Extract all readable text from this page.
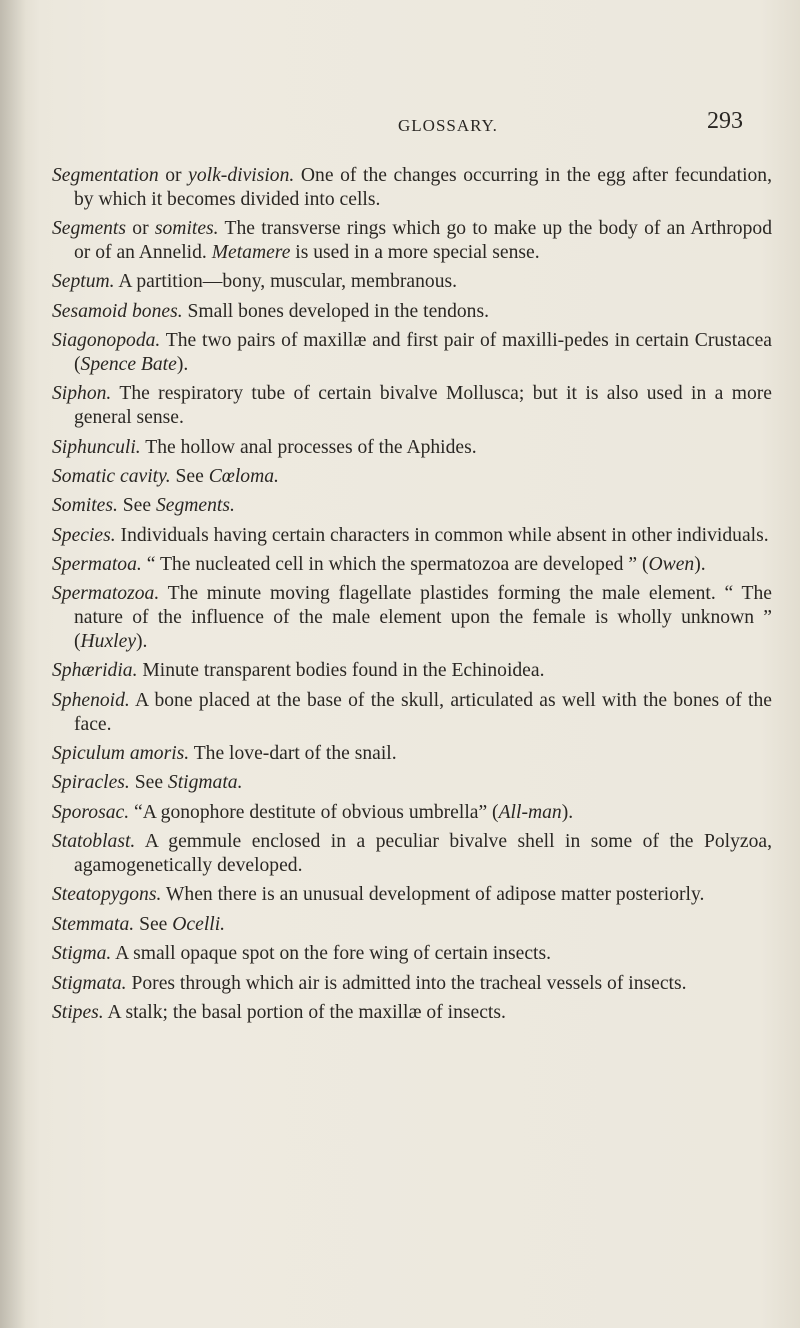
GLOSSARY.	293

Segmentation or yolk-division. One of the changes occurring in the egg after fecundation, by which it becomes divided into cells.

Segments or somites. The transverse rings which go to make up the body of an Arthropod or of an Annelid. Metamere is used in a more special sense.

Septum. A partition—bony, muscular, membranous.

Sesamoid bones. Small bones developed in the tendons.

Siagonopoda. The two pairs of maxillæ and first pair of maxilli-pedes in certain Crustacea (Spence Bate).

Siphon. The respiratory tube of certain bivalve Mollusca; but it is also used in a more general sense.

Siphunculi. The hollow anal processes of the Aphides.

Somatic cavity. See Cœloma.

Somites. See Segments.

Species. Individuals having certain characters in common while absent in other individuals.

Spermatoa. “ The nucleated cell in which the spermatozoa are developed ” (Owen).

Spermatozoa. The minute moving flagellate plastides forming the male element. “ The nature of the influence of the male element upon the female is wholly unknown ” (Huxley).

Sphæridia. Minute transparent bodies found in the Echinoidea.

Sphenoid. A bone placed at the base of the skull, articulated as well with the bones of the face.

Spiculum amoris. The love-dart of the snail.

Spiracles. See Stigmata.

Sporosac. “A gonophore destitute of obvious umbrella” (All-man).

Statoblast. A gemmule enclosed in a peculiar bivalve shell in some of the Polyzoa, agamogenetically developed.

Steatopygons. When there is an unusual development of adipose matter posteriorly.

Stemmata. See Ocelli.

Stigma. A small opaque spot on the fore wing of certain insects.

Stigmata. Pores through which air is admitted into the tracheal vessels of insects.

Stipes. A stalk; the basal portion of the maxillæ of insects.
